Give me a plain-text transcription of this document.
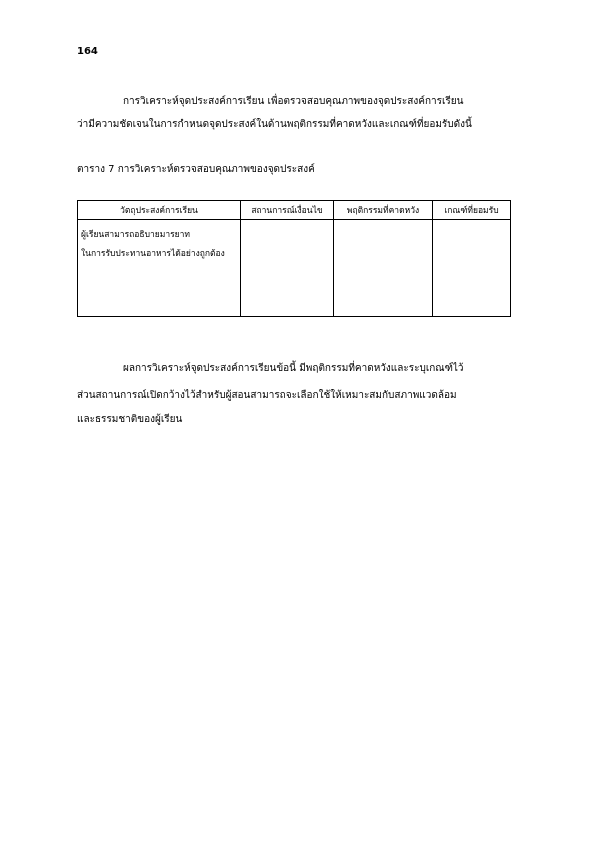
164
การวิเคราะห์จุดประสงค์การเรียน เพื่อตรวจสอบคุณภาพของจุดประสงค์การเรียน
ว่ามีความชัดเจนในการกำหนดจุดประสงค์ในด้านพฤติกรรมที่คาดหวังและเกณฑ์ที่ยอมรับดังนี้
ตาราง 7 การวิเคราะห์ตรวจสอบคุณภาพของจุดประสงค์
วัตถุประสงค์การเรียน	สถานการณ์เงื่อนไข	พฤติกรรมที่คาดหวัง	เกณฑ์ที่ยอมรับ

ผู้เรียนสามารถอธิบายมารยาท
ในการรับประทานอาหารได้อย่างถูกต้อง			

ผลการวิเคราะห์จุดประสงค์การเรียนข้อนี้ มีพฤติกรรมที่คาดหวังและระบุเกณฑ์ไว้
ส่วนสถานการณ์เปิดกว้างไว้สำหรับผู้สอนสามารถจะเลือกใช้ให้เหมาะสมกับสภาพแวดล้อม
และธรรมชาติของผู้เรียน
